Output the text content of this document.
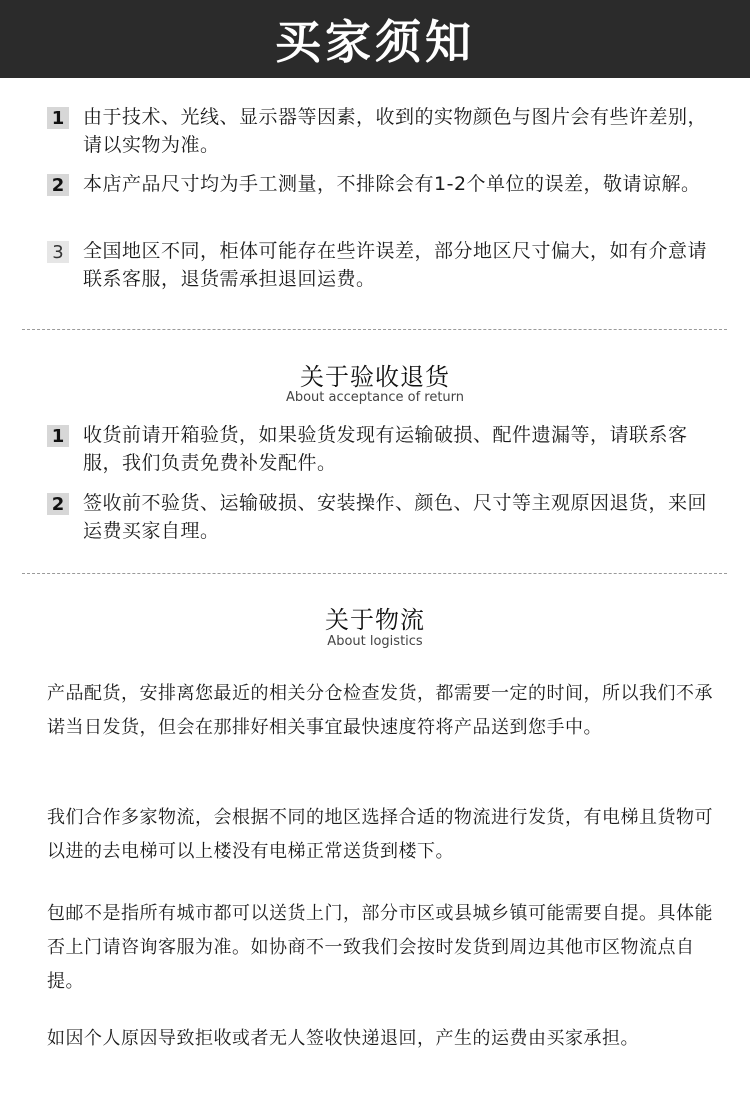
买家须知
1 由于技术、光线、显示器等因素，收到的实物颜色与图片会有些许差别，请以实物为准。
2 本店产品尺寸均为手工测量，不排除会有1-2个单位的误差，敬请谅解。
3 全国地区不同，柜体可能存在些许误差，部分地区尺寸偏大，如有介意请联系客服，退货需承担退回运费。
关于验收退货
About acceptance of return
1 收货前请开箱验货，如果验货发现有运输破损、配件遗漏等，请联系客服，我们负责免费补发配件。
2 签收前不验货、运输破损、安装操作、颜色、尺寸等主观原因退货，来回运费买家自理。
关于物流
About logistics
产品配货，安排离您最近的相关分仓检查发货，都需要一定的时间，所以我们不承诺当日发货，但会在那排好相关事宜最快速度符将产品送到您手中。
我们合作多家物流，会根据不同的地区选择合适的物流进行发货，有电梯且货物可以进的去电梯可以上楼没有电梯正常送货到楼下。
包邮不是指所有城市都可以送货上门，部分市区或县城乡镇可能需要自提。具体能否上门请咨询客服为准。如协商不一致我们会按时发货到周边其他市区物流点自提。
如因个人原因导致拒收或者无人签收快递退回，产生的运费由买家承担。
